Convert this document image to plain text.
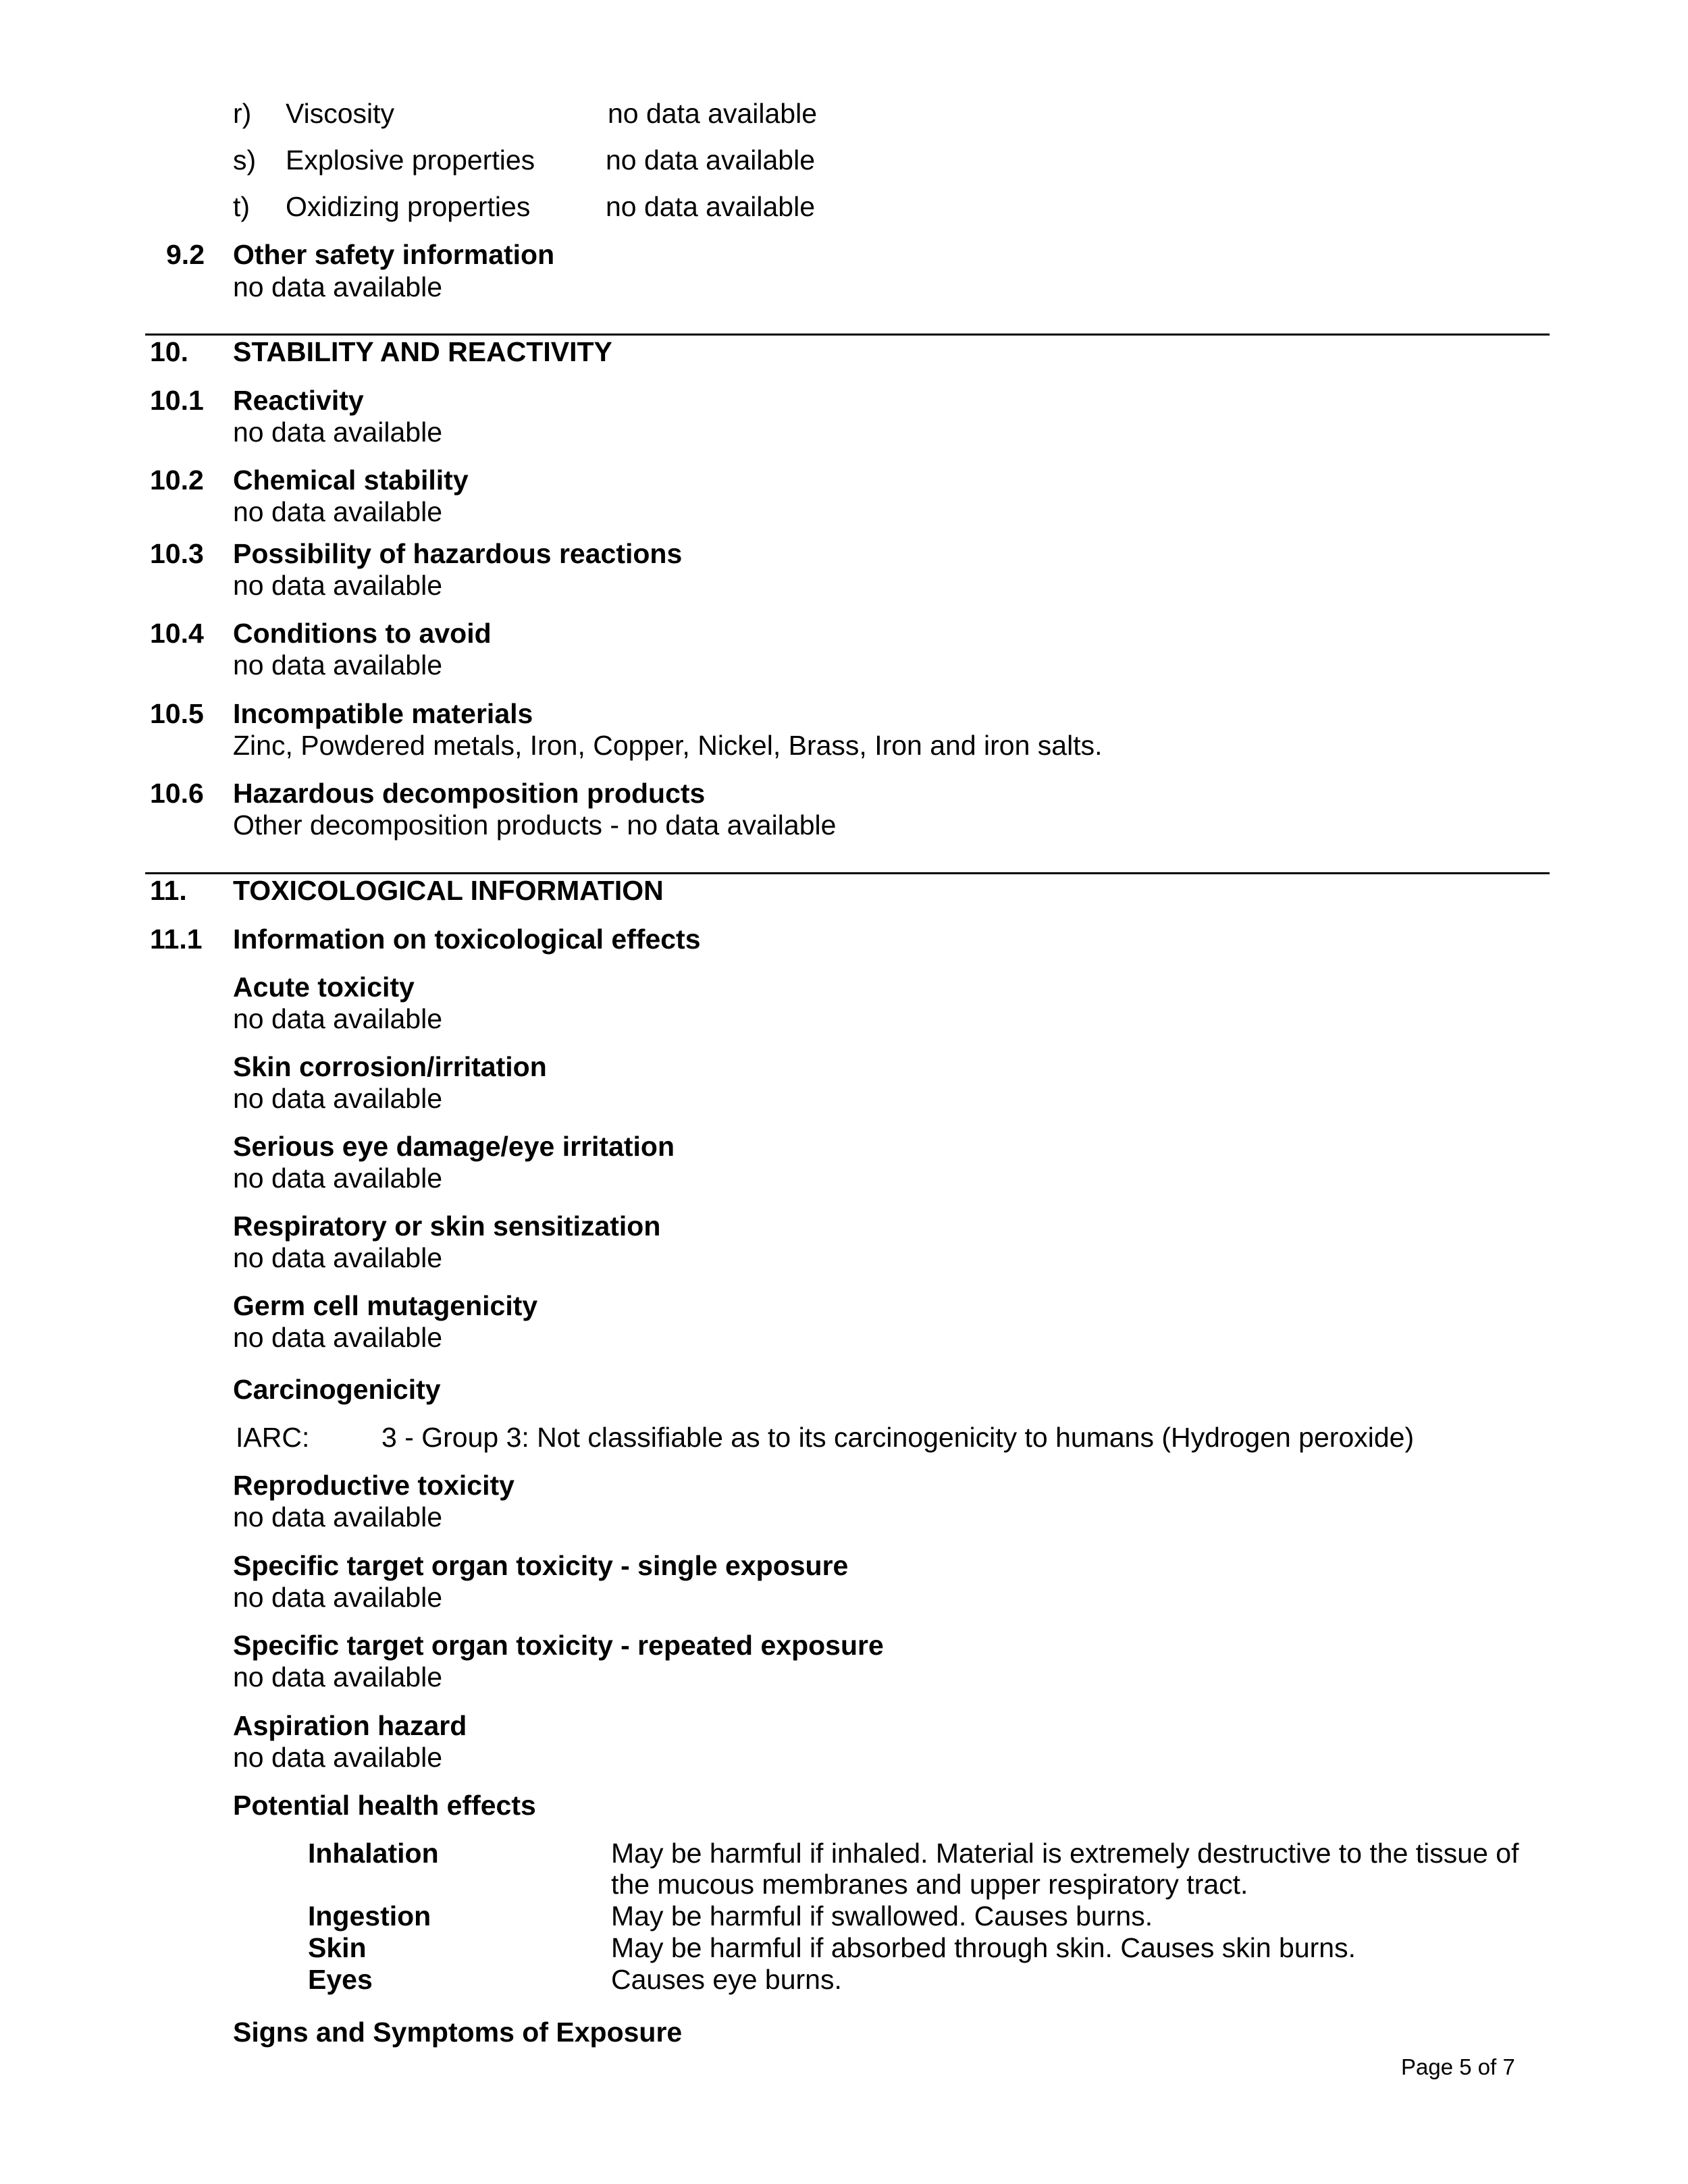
r) Viscosity	no data available
s) Explosive properties	no data available
t) Oxidizing properties	no data available
9.2 Other safety information
no data available
10. STABILITY AND REACTIVITY
10.1 Reactivity
no data available
10.2 Chemical stability
no data available
10.3 Possibility of hazardous reactions
no data available
10.4 Conditions to avoid
no data available
10.5 Incompatible materials
Zinc, Powdered metals, Iron, Copper, Nickel, Brass, Iron and iron salts.
10.6 Hazardous decomposition products
Other decomposition products - no data available
11. TOXICOLOGICAL INFORMATION
11.1 Information on toxicological effects
Acute toxicity
no data available
Skin corrosion/irritation
no data available
Serious eye damage/eye irritation
no data available
Respiratory or skin sensitization
no data available
Germ cell mutagenicity
no data available
Carcinogenicity
IARC:	3 - Group 3: Not classifiable as to its carcinogenicity to humans (Hydrogen peroxide)
Reproductive toxicity
no data available
Specific target organ toxicity - single exposure
no data available
Specific target organ toxicity - repeated exposure
no data available
Aspiration hazard
no data available
Potential health effects
Inhalation	May be harmful if inhaled. Material is extremely destructive to the tissue of
the mucous membranes and upper respiratory tract.
Ingestion	May be harmful if swallowed. Causes burns.
Skin	May be harmful if absorbed through skin. Causes skin burns.
Eyes	Causes eye burns.
Signs and Symptoms of Exposure
Page 5 of 7
